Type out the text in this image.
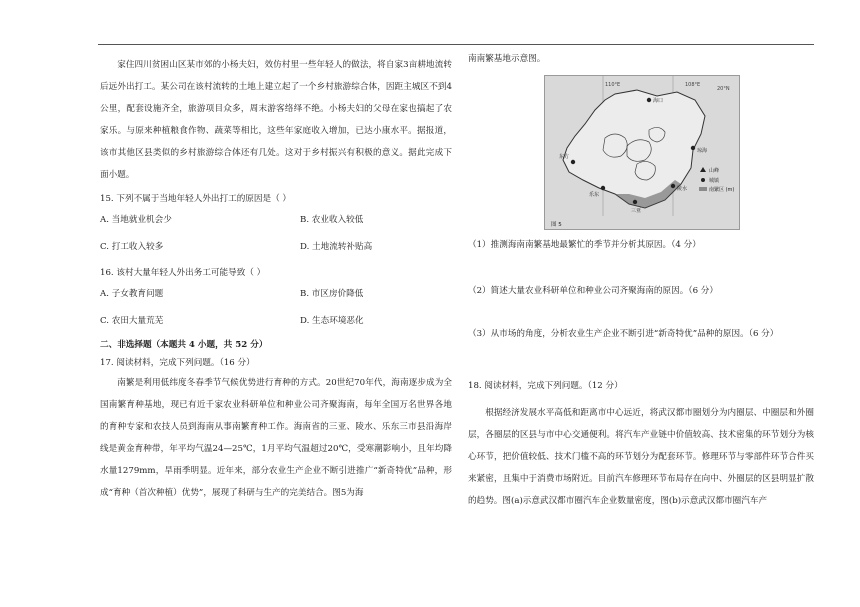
家住四川贫困山区某市郊的小杨夫妇，效仿村里一些年轻人的做法，将自家3亩耕地流转后远外出打工。某公司在该村流转的土地上建立起了一个乡村旅游综合体，因距主城区不到4公里，配套设施齐全，旅游项目众多，周末游客络绎不绝。小杨夫妇的父母在家也搞起了农家乐。与原来种植粮食作物、蔬菜等相比，这些年家庭收入增加，已达小康水平。据报道，该市其他区县类似的乡村旅游综合体还有几处。这对于乡村振兴有积极的意义。据此完成下面小题。

15. 下列不属于当地年轻人外出打工的原因是（ ）

A. 当地就业机会少	B. 农业收入较低
C. 打工收入较多	D. 土地流转补贴高

16. 该村大量年轻人外出务工可能导致（ ）

A. 子女教育问题	B. 市区房价降低
C. 农田大量荒芜	D. 生态环境恶化

二、非选择题（本题共 4 小题，共 52 分）

17. 阅读材料，完成下列问题。（16 分）

南繁是利用低纬度冬春季节气候优势进行育种的方式。20世纪70年代，海南逐步成为全国南繁育种基地，现已有近千家农业科研单位和种业公司齐聚海南，每年全国万名世界各地的育种专家和农技人员到海南从事南繁育种工作。海南省的三亚、陵水、乐东三市县沿海岸线是黄金育种带，年平均气温24—25℃，1月平均气温超过20℃，受寒潮影响小，且年均降水量1279mm，旱雨季明显。近年来，部分农业生产企业不断引进推广“新奇特优”品种，形成“育种（首次种植）优势”，展现了科研与生产的完美结合。图5为海

南南繁基地示意图。

108°E
110°E
20°N
海口
东方
乐东
三亚
陵水
琼海
山峰
城镇
南繁区 (m)
图 5

（1）推测海南南繁基地最繁忙的季节并分析其原因。（4 分）

（2）简述大量农业科研单位和种业公司齐聚海南的原因。（6 分）

（3）从市场的角度，分析农业生产企业不断引进“新奇特优”品种的原因。（6 分）

18. 阅读材料，完成下列问题。（12 分）

根据经济发展水平高低和距离市中心远近，将武汉都市圈划分为内圈层、中圈层和外圈层，各圈层的区县与市中心交通便利。将汽车产业链中价值较高、技术密集的环节划分为核心环节，把价值较低、技术门槛不高的环节划分为配套环节。修理环节与零部件环节合件买来紧密，且集中于消费市场附近。目前汽车修理环节布局存在向中、外圈层的区县明显扩散的趋势。图(a)示意武汉都市圈汽车企业数量密度，图(b)示意武汉都市圈汽车产
